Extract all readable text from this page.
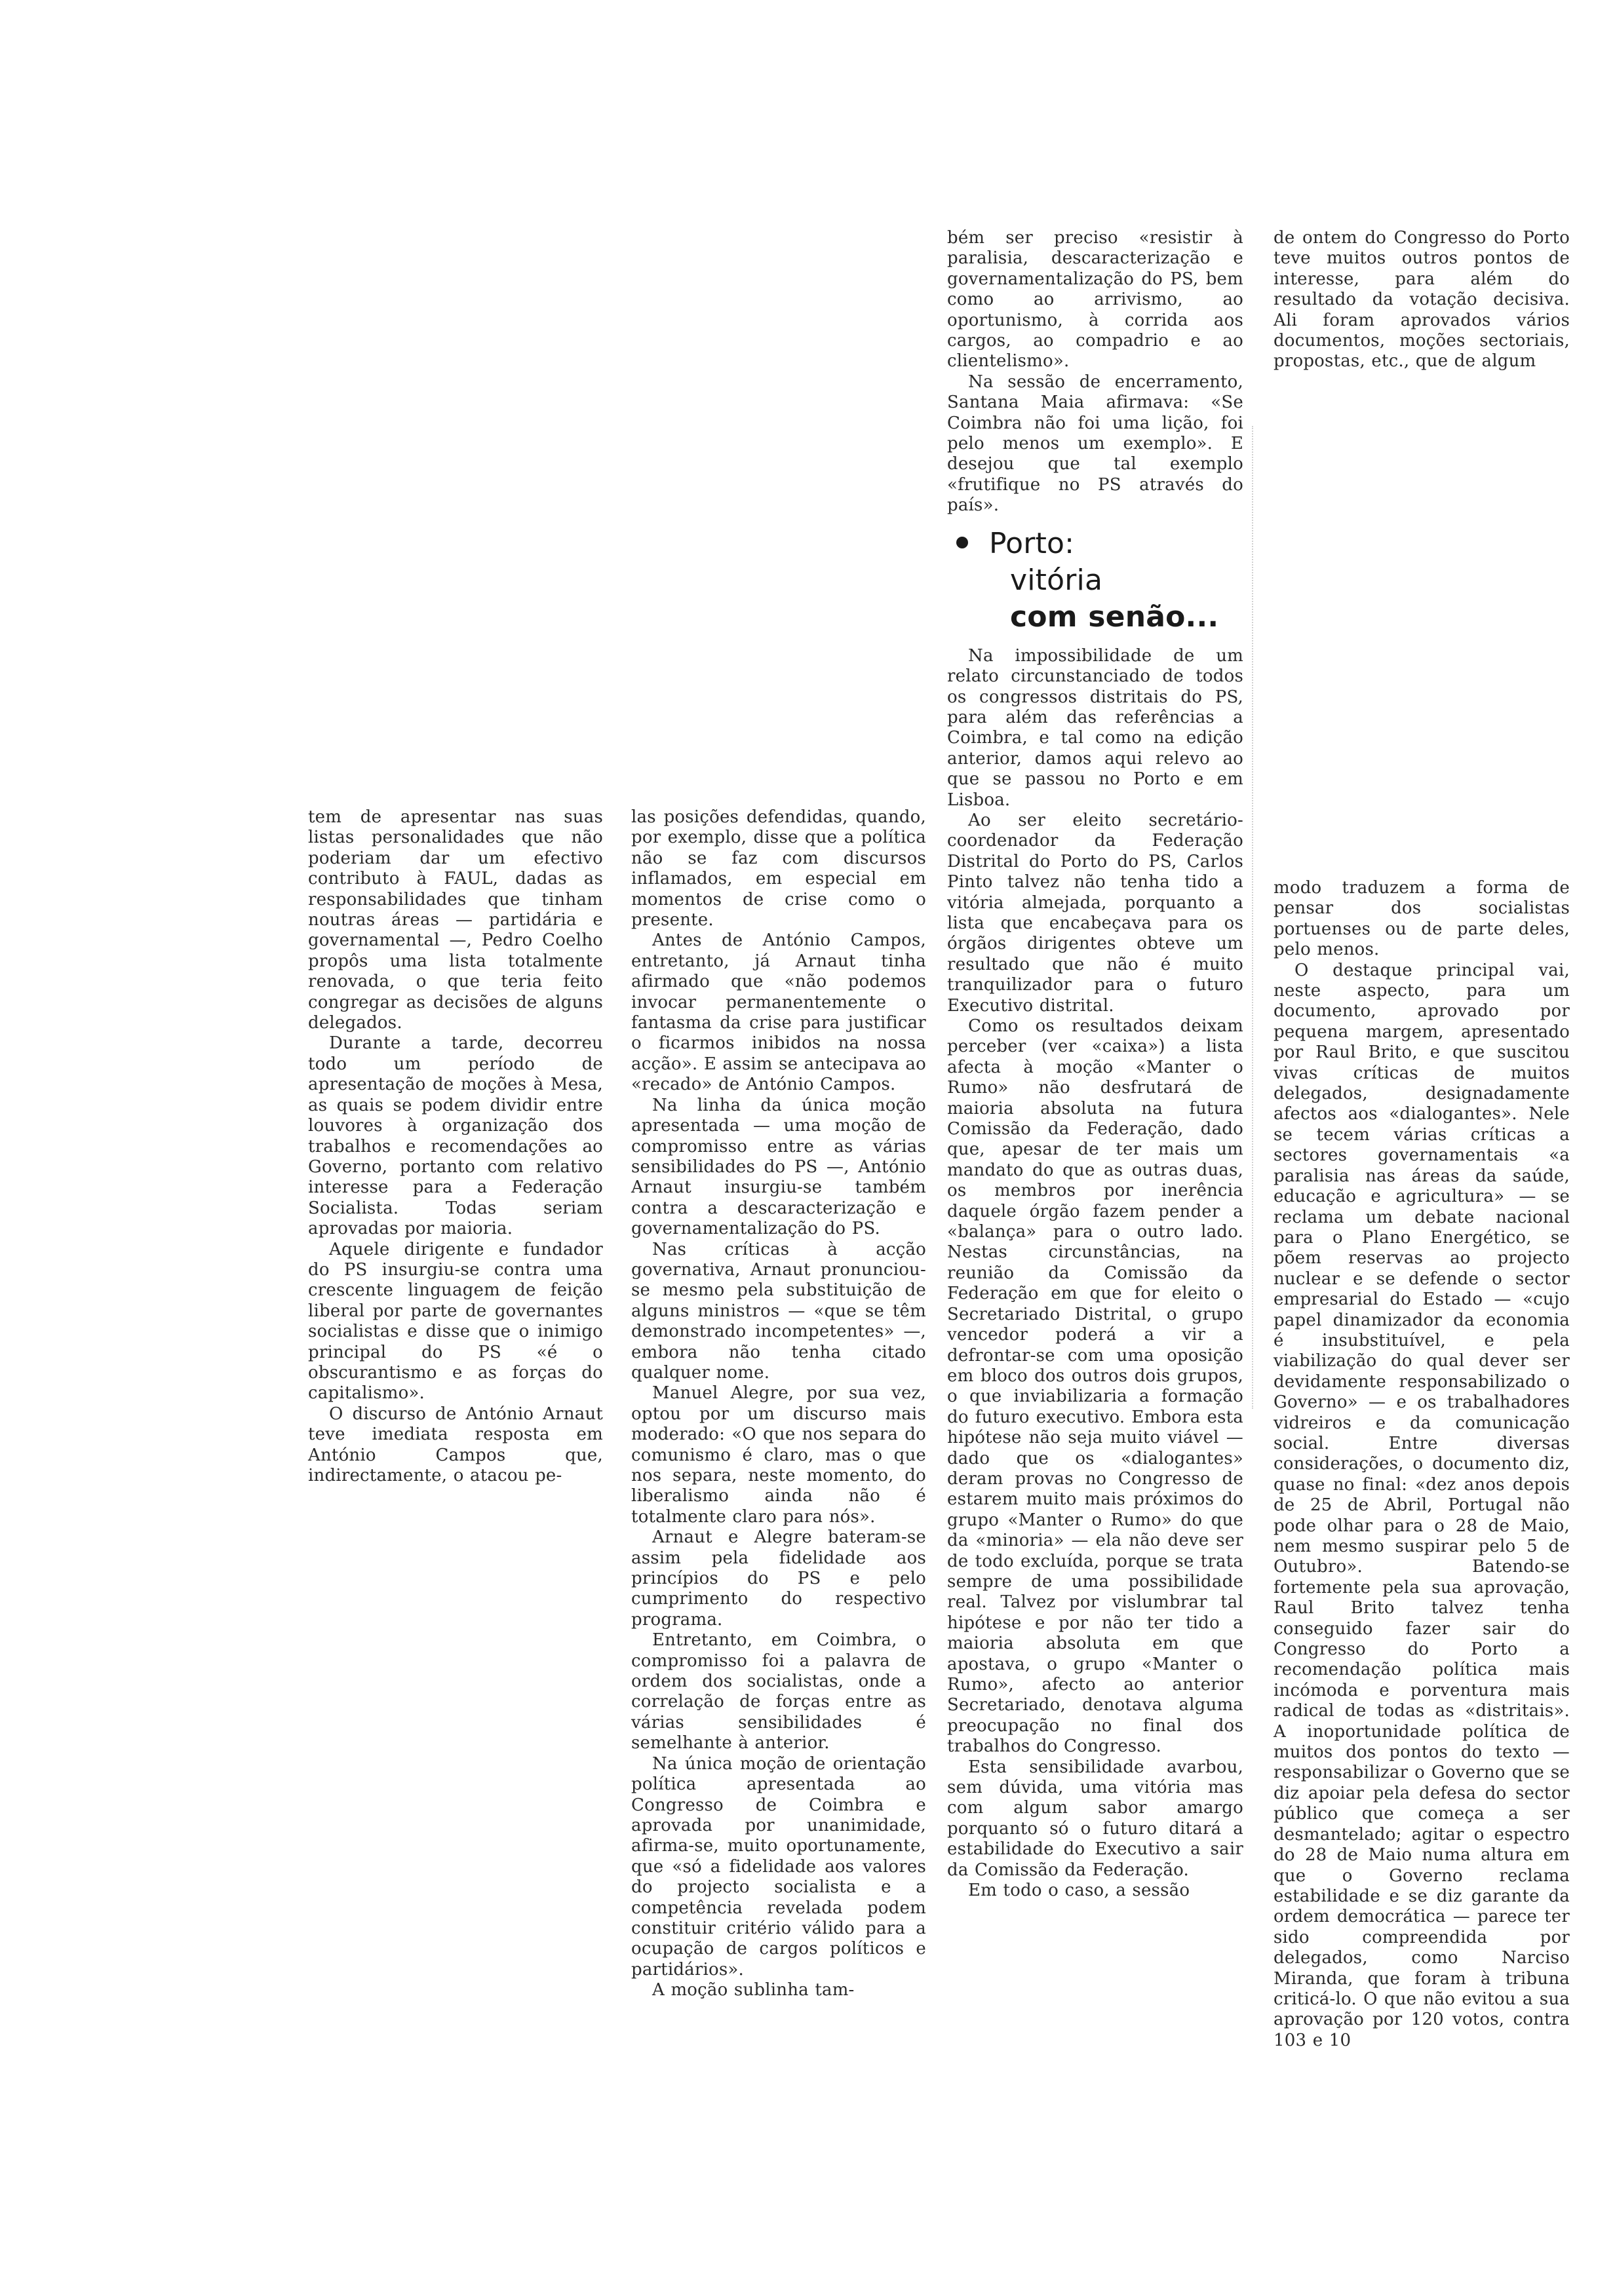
tem de apresentar nas suas listas personalidades que não poderiam dar um efectivo contributo à FAUL, dadas as responsabilidades que tinham noutras áreas — partidária e governamental —, Pedro Coelho propôs uma lista totalmente renovada, o que teria feito congregar as decisões de alguns delegados.

Durante a tarde, decorreu todo um período de apresentação de moções à Mesa, as quais se podem dividir entre louvores à organização dos trabalhos e recomendações ao Governo, portanto com relativo interesse para a Federação Socialista. Todas seriam aprovadas por maioria.

Aquele dirigente e fundador do PS insurgiu-se contra uma crescente linguagem de feição liberal por parte de governantes socialistas e disse que o inimigo principal do PS «é o obscurantismo e as forças do capitalismo».

O discurso de António Arnaut teve imediata resposta em António Campos que, indirectamente, o atacou pe-

las posições defendidas, quando, por exemplo, disse que a política não se faz com discursos inflamados, em especial em momentos de crise como o presente.

Antes de António Campos, entretanto, já Arnaut tinha afirmado que «não podemos invocar permanentemente o fantasma da crise para justificar o ficarmos inibidos na nossa acção». E assim se antecipava ao «recado» de António Campos.

Na linha da única moção apresentada — uma moção de compromisso entre as várias sensibilidades do PS —, António Arnaut insurgiu-se também contra a descaracterização e governamentalização do PS.

Nas críticas à acção governativa, Arnaut pronunciou-se mesmo pela substituição de alguns ministros — «que se têm demonstrado incompetentes» —, embora não tenha citado qualquer nome.

Manuel Alegre, por sua vez, optou por um discurso mais moderado: «O que nos separa do comunismo é claro, mas o que nos separa, neste momento, do liberalismo ainda não é totalmente claro para nós».

Arnaut e Alegre bateram-se assim pela fidelidade aos princípios do PS e pelo cumprimento do respectivo programa.

Entretanto, em Coimbra, o compromisso foi a palavra de ordem dos socialistas, onde a correlação de forças entre as várias sensibilidades é semelhante à anterior.

Na única moção de orientação política apresentada ao Congresso de Coimbra e aprovada por unanimidade, afirma-se, muito oportunamente, que «só a fidelidade aos valores do projecto socialista e a competência revelada podem constituir critério válido para a ocupação de cargos políticos e partidários».

A moção sublinha tam-

bém ser preciso «resistir à paralisia, descaracterização e governamentalização do PS, bem como ao arrivismo, ao oportunismo, à corrida aos cargos, ao compadrio e ao clientelismo».

Na sessão de encerramento, Santana Maia afirmava: «Se Coimbra não foi uma lição, foi pelo menos um exemplo». E desejou que tal exemplo «frutifique no PS através do país».

Porto:
vitória
com senão...

Na impossibilidade de um relato circunstanciado de todos os congressos distritais do PS, para além das referências a Coimbra, e tal como na edição anterior, damos aqui relevo ao que se passou no Porto e em Lisboa.

Ao ser eleito secretário-coordenador da Federação Distrital do Porto do PS, Carlos Pinto talvez não tenha tido a vitória almejada, porquanto a lista que encabeçava para os órgãos dirigentes obteve um resultado que não é muito tranquilizador para o futuro Executivo distrital.

Como os resultados deixam perceber (ver «caixa») a lista afecta à moção «Manter o Rumo» não desfrutará de maioria absoluta na futura Comissão da Federação, dado que, apesar de ter mais um mandato do que as outras duas, os membros por inerência daquele órgão fazem pender a «balança» para o outro lado. Nestas circunstâncias, na reunião da Comissão da Federação em que for eleito o Secretariado Distrital, o grupo vencedor poderá a vir a defrontar-se com uma oposição em bloco dos outros dois grupos, o que inviabilizaria a formação do futuro executivo. Embora esta hipótese não seja muito viável — dado que os «dialogantes» deram provas no Congresso de estarem muito mais próximos do grupo «Manter o Rumo» do que da «minoria» — ela não deve ser de todo excluída, porque se trata sempre de uma possibilidade real. Talvez por vislumbrar tal hipótese e por não ter tido a maioria absoluta em que apostava, o grupo «Manter o Rumo», afecto ao anterior Secretariado, denotava alguma preocupação no final dos trabalhos do Congresso.

Esta sensibilidade avarbou, sem dúvida, uma vitória mas com algum sabor amargo porquanto só o futuro ditará a estabilidade do Executivo a sair da Comissão da Federação.

Em todo o caso, a sessão

de ontem do Congresso do Porto teve muitos outros pontos de interesse, para além do resultado da votação decisiva. Ali foram aprovados vários documentos, moções sectoriais, propostas, etc., que de algum

modo traduzem a forma de pensar dos socialistas portuenses ou de parte deles, pelo menos.

O destaque principal vai, neste aspecto, para um documento, aprovado por pequena margem, apresentado por Raul Brito, e que suscitou vivas críticas de muitos delegados, designadamente afectos aos «dialogantes». Nele se tecem várias críticas a sectores governamentais «a paralisia nas áreas da saúde, educação e agricultura» — se reclama um debate nacional para o Plano Energético, se põem reservas ao projecto nuclear e se defende o sector empresarial do Estado — «cujo papel dinamizador da economia é insubstituível, e pela viabilização do qual dever ser devidamente responsabilizado o Governo» — e os trabalhadores vidreiros e da comunicação social. Entre diversas considerações, o documento diz, quase no final: «dez anos depois de 25 de Abril, Portugal não pode olhar para o 28 de Maio, nem mesmo suspirar pelo 5 de Outubro». Batendo-se fortemente pela sua aprovação, Raul Brito talvez tenha conseguido fazer sair do Congresso do Porto a recomendação política mais incómoda e porventura mais radical de todas as «distritais». A inoportunidade política de muitos dos pontos do texto — responsabilizar o Governo que se diz apoiar pela defesa do sector público que começa a ser desmantelado; agitar o espectro do 28 de Maio numa altura em que o Governo reclama estabilidade e se diz garante da ordem democrática — parece ter sido compreendida por delegados, como Narciso Miranda, que foram à tribuna criticá-lo. O que não evitou a sua aprovação por 120 votos, contra 103 e 10
